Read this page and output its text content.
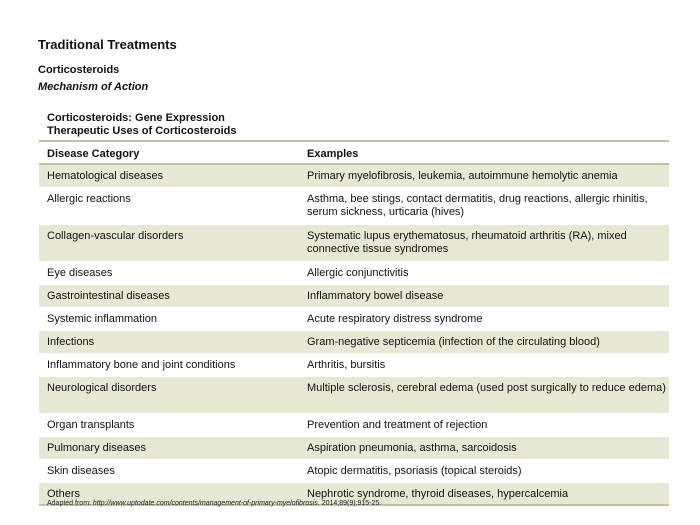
Traditional Treatments
Corticosteroids
Mechanism of Action
Corticosteroids: Gene Expression
Therapeutic Uses of Corticosteroids
Disease Category	Examples
Hematological diseases	Primary myelofibrosis, leukemia, autoimmune hemolytic anemia
Allergic reactions	Asthma, bee stings, contact dermatitis, drug reactions, allergic rhinitis, serum sickness, urticaria (hives)
Collagen-vascular disorders	Systematic lupus erythematosus, rheumatoid arthritis (RA), mixed connective tissue syndromes
Eye diseases	Allergic conjunctivitis
Gastrointestinal diseases	Inflammatory bowel disease
Systemic inflammation	Acute respiratory distress syndrome
Infections	Gram-negative septicemia (infection of the circulating blood)
Inflammatory bone and joint conditions	Arthritis, bursitis
Neurological disorders	Multiple sclerosis, cerebral edema (used post surgically to reduce edema)
Organ transplants	Prevention and treatment of rejection
Pulmonary diseases	Aspiration pneumonia, asthma, sarcoidosis
Skin diseases	Atopic dermatitis, psoriasis (topical steroids)
Others	Nephrotic syndrome, thyroid diseases, hypercalcemia
Adapted from: http://www.uptodate.com/contents/management-of-primary-myelofibrosis. 2014;89(9):915-25.
